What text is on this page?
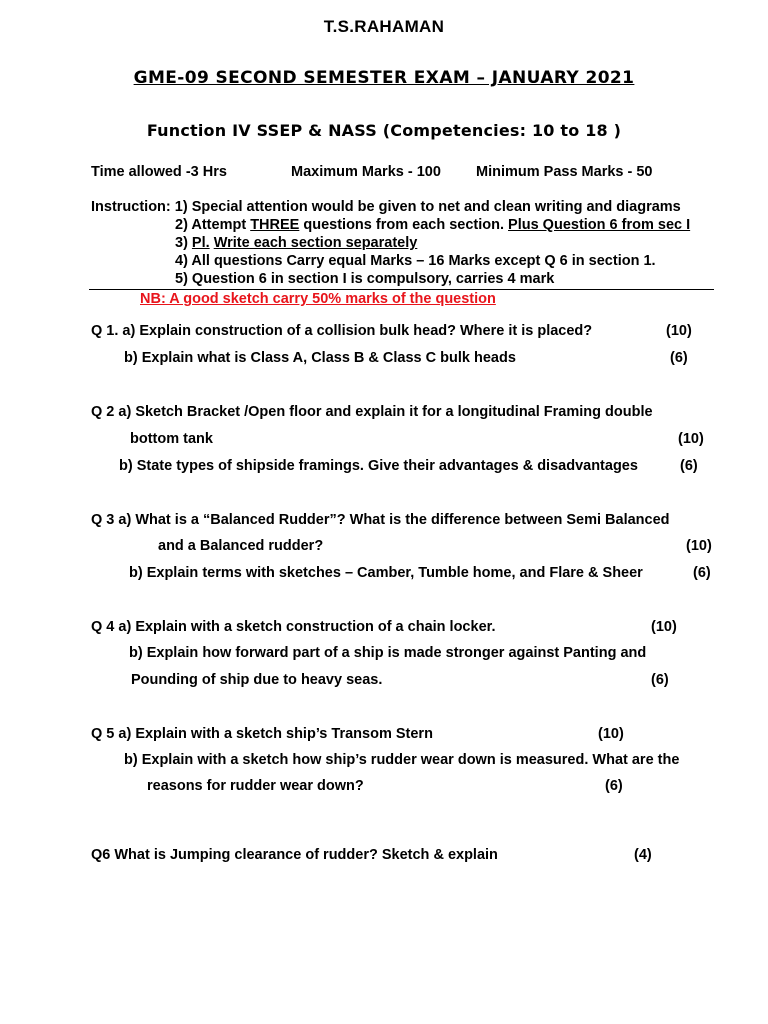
T.S.RAHAMAN
GME-09 SECOND SEMESTER EXAM – JANUARY 2021
Function IV SSEP & NASS (Competencies: 10 to 18 )
Time allowed -3 Hrs	Maximum Marks - 100 Minimum Pass Marks - 50
Instruction: 1) Special attention would be given to net and clean writing and diagrams
2) Attempt THREE questions from each section. Plus Question 6 from sec I
3) Pl. Write each section separately
4) All questions Carry equal Marks – 16 Marks except Q 6 in section 1.
5) Question 6 in section I is compulsory, carries 4 mark
NB: A good sketch carry 50% marks of the question
Q 1. a) Explain construction of a collision bulk head? Where it is placed?	(10)
b) Explain what is Class A, Class B & Class C bulk heads	(6)
Q 2 a) Sketch Bracket /Open floor and explain it for a longitudinal Framing double
bottom tank	(10)
b) State types of shipside framings. Give their advantages & disadvantages	(6)
Q 3 a) What is a “Balanced Rudder”? What is the difference between Semi Balanced
and a Balanced rudder?	(10)
b) Explain terms with sketches – Camber, Tumble home, and Flare & Sheer	(6)
Q 4 a) Explain with a sketch construction of a chain locker.	(10)
b) Explain how forward part of a ship is made stronger against Panting and
Pounding of ship due to heavy seas.	(6)
Q 5 a) Explain with a sketch ship’s Transom Stern	(10)
b) Explain with a sketch how ship’s rudder wear down is measured. What are the
reasons for rudder wear down?	(6)
Q6 What is Jumping clearance of rudder? Sketch & explain	(4)
